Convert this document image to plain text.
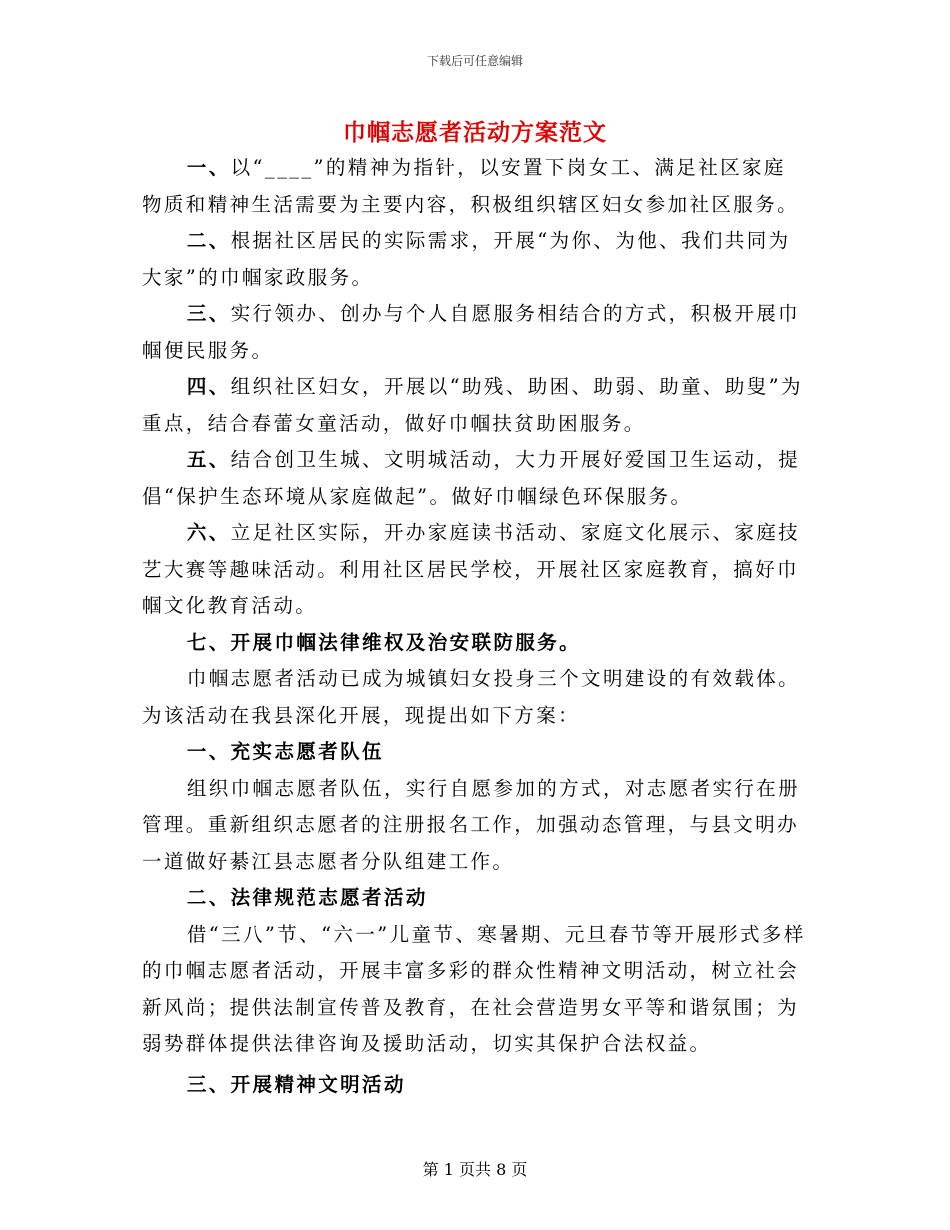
下载后可任意编辑
巾帼志愿者活动方案范文

一、以“____”的精神为指针，以安置下岗女工、满足社区家庭物质和精神生活需要为主要内容，积极组织辖区妇女参加社区服务。

二、根据社区居民的实际需求，开展“为你、为他、我们共同为大家”的巾帼家政服务。

三、实行领办、创办与个人自愿服务相结合的方式，积极开展巾帼便民服务。

四、组织社区妇女，开展以“助残、助困、助弱、助童、助叟”为重点，结合春蕾女童活动，做好巾帼扶贫助困服务。

五、结合创卫生城、文明城活动，大力开展好爱国卫生运动，提倡“保护生态环境从家庭做起”。做好巾帼绿色环保服务。

六、立足社区实际，开办家庭读书活动、家庭文化展示、家庭技艺大赛等趣味活动。利用社区居民学校，开展社区家庭教育，搞好巾帼文化教育活动。

七、开展巾帼法律维权及治安联防服务。

巾帼志愿者活动已成为城镇妇女投身三个文明建设的有效载体。为该活动在我县深化开展，现提出如下方案：

一、充实志愿者队伍

组织巾帼志愿者队伍，实行自愿参加的方式，对志愿者实行在册管理。重新组织志愿者的注册报名工作，加强动态管理，与县文明办一道做好綦江县志愿者分队组建工作。

二、法律规范志愿者活动

借“三八”节、“六一”儿童节、寒暑期、元旦春节等开展形式多样的巾帼志愿者活动，开展丰富多彩的群众性精神文明活动，树立社会新风尚；提供法制宣传普及教育，在社会营造男女平等和谐氛围；为弱势群体提供法律咨询及援助活动，切实其保护合法权益。

三、开展精神文明活动

第 1 页共 8 页
